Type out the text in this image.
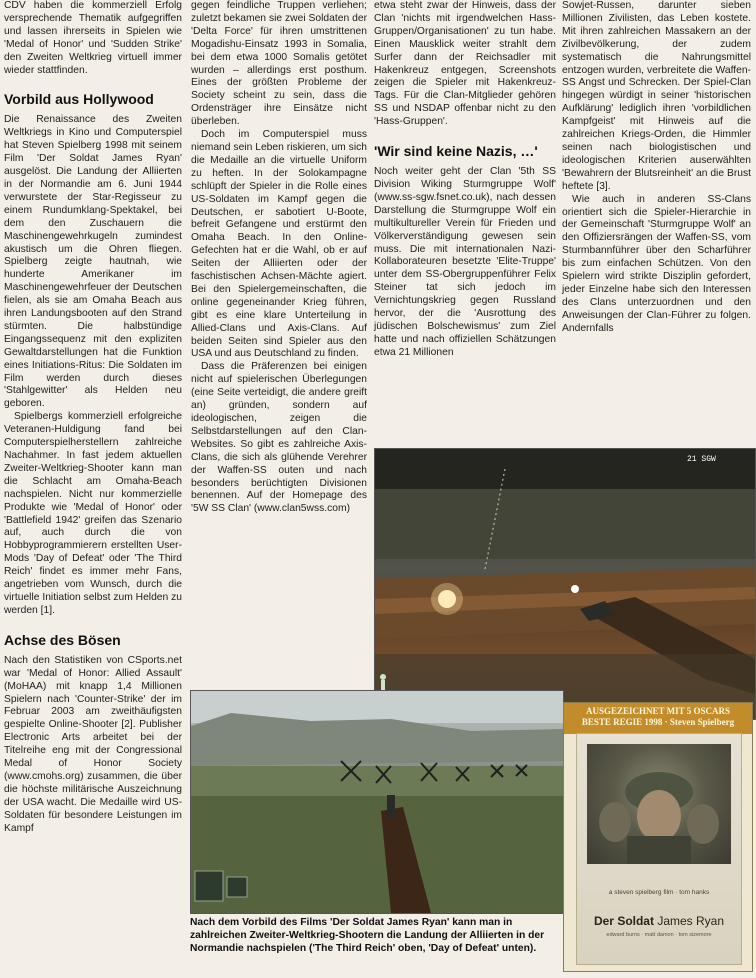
CDV haben die kommerziell Erfolg versprechende Thematik aufgegriffen und lassen ihrerseits in Spielen wie 'Medal of Honor' und 'Sudden Strike' den Zweiten Weltkrieg virtuell immer wieder stattfinden.

Vorbild aus Hollywood

Die Renaissance des Zweiten Weltkriegs in Kino und Computerspiel hat Steven Spielberg 1998 mit seinem Film 'Der Soldat James Ryan' ausgelöst. Die Landung der Alliierten in der Normandie am 6. Juni 1944 verwurstete der Star-Regisseur zu einem Rundumklang-Spektakel, bei dem den Zuschauern die Maschinengewehrkugeln zumindest akustisch um die Ohren fliegen. Spielberg zeigte hautnah, wie hunderte Amerikaner im Maschinengewehrfeuer der Deutschen fielen, als sie am Omaha Beach aus ihren Landungsbooten auf den Strand stürmten. Die halbstündige Eingangssequenz mit den expliziten Gewaltdarstellungen hat die Funktion eines Initiations-Ritus: Die Soldaten im Film werden durch dieses 'Stahlgewitter' als Helden neu geboren.

Spielbergs kommerziell erfolgreiche Veteranen-Huldigung fand bei Computerspielherstellern zahlreiche Nachahmer. In fast jedem aktuellen Zweiter-Weltkrieg-Shooter kann man die Schlacht am Omaha-Beach nachspielen. Nicht nur kommerzielle Produkte wie 'Medal of Honor' oder 'Battlefield 1942' greifen das Szenario auf, auch durch die von Hobbyprogrammierern erstellten User-Mods 'Day of Defeat' oder 'The Third Reich' findet es immer mehr Fans, angetrieben vom Wunsch, durch die virtuelle Initiation selbst zum Helden zu werden [1].

Achse des Bösen

Nach den Statistiken von CSports.net war 'Medal of Honor: Allied Assault' (MoHAA) mit knapp 1,4 Millionen Spielern nach 'Counter-Strike' der im Februar 2003 am zweithäufigsten gespielte Online-Shooter [2]. Publisher Electronic Arts arbeitet bei der Titelreihe eng mit der Congressional Medal of Honor Society (www.cmohs.org) zusammen, die über die höchste militärische Auszeichnung der USA wacht. Die Medaille wird US-Soldaten für besondere Leistungen im Kampf

gegen feindliche Truppen verliehen; zuletzt bekamen sie zwei Soldaten der 'Delta Force' für ihren umstrittenen Mogadishu-Einsatz 1993 in Somalia, bei dem etwa 1000 Somalis getötet wurden – allerdings erst posthum. Eines der größten Probleme der Society scheint zu sein, dass die Ordensträger ihre Einsätze nicht überleben.

Doch im Computerspiel muss niemand sein Leben riskieren, um sich die Medaille an die virtuelle Uniform zu heften. In der Solokampagne schlüpft der Spieler in die Rolle eines US-Soldaten im Kampf gegen die Deutschen, er sabotiert U-Boote, befreit Gefangene und erstürmt den Omaha Beach. In den Online-Gefechten hat er die Wahl, ob er auf Seiten der Alliierten oder der faschistischen Achsen-Mächte agiert. Bei den Spielergemeinschaften, die online gegeneinander Krieg führen, gibt es eine klare Unterteilung in Allied-Clans und Axis-Clans. Auf beiden Seiten sind Spieler aus den USA und aus Deutschland zu finden.

Dass die Präferenzen bei einigen nicht auf spielerischen Überlegungen (eine Seite verteidigt, die andere greift an) gründen, sondern auf ideologischen, zeigen die Selbstdarstellungen auf den Clan-Websites. So gibt es zahlreiche Axis-Clans, die sich als glühende Verehrer der Waffen-SS outen und nach besonders berüchtigten Divisionen benennen. Auf der Homepage des '5W SS Clan' (www.clan5wss.com)

etwa steht zwar der Hinweis, dass der Clan 'nichts mit irgendwelchen Hass-Gruppen/Organisationen' zu tun habe. Einen Mausklick weiter strahlt dem Surfer dann der Reichsadler mit Hakenkreuz entgegen, Screenshots zeigen die Spieler mit Hakenkreuz-Tags. Für die Clan-Mitglieder gehören SS und NSDAP offenbar nicht zu den 'Hass-Gruppen'.

'Wir sind keine Nazis, …'

Noch weiter geht der Clan '5th SS Division Wiking Sturmgruppe Wolf' (www.ss-sgw.fsnet.co.uk), nach dessen Darstellung die Sturmgruppe Wolf ein multikultureller Verein für Frieden und Völkerverständigung gewesen sein muss. Die mit internationalen Nazi-Kollaborateuren besetzte 'Elite-Truppe' unter dem SS-Obergruppenführer Felix Steiner tat sich jedoch im Vernichtungskrieg gegen Russland hervor, der die 'Ausrottung des jüdischen Bolschewismus' zum Ziel hatte und nach offiziellen Schätzungen etwa 21 Millionen

Sowjet-Russen, darunter sieben Millionen Zivilisten, das Leben kostete. Mit ihren zahlreichen Massakern an der Zivilbevölkerung, der zudem systematisch die Nahrungsmittel entzogen wurden, verbreitete die Waffen-SS Angst und Schrecken. Der Spiel-Clan hingegen würdigt in seiner 'historischen Aufklärung' lediglich ihren 'vorbildlichen Kampfgeist' mit Hinweis auf die zahlreichen Kriegs-Orden, die Himmler seinen nach biologistischen und ideologischen Kriterien auserwählten 'Bewahrern der Blutsreinheit' an die Brust heftete [3].

Wie auch in anderen SS-Clans orientiert sich die Spieler-Hierarchie in der Gemeinschaft 'Sturmgruppe Wolf' an den Offiziersrängen der Waffen-SS, vom Sturmbannführer über den Scharführer bis zum einfachen Schützen. Von den Spielern wird strikte Disziplin gefordert, jeder Einzelne habe sich den Interessen des Clans unterzuordnen und den Anweisungen der Clan-Führer zu folgen. Andernfalls

21 SGW
AUSGEZEICHNET MIT 5 OSCARS
BESTE REGIE 1998 · Steven Spielberg
a steven spielberg film · tom hanks
Der Soldat James Ryan
edward burns · matt damon · tom sizemore
Nach dem Vorbild des Films 'Der Soldat James Ryan' kann man in zahlreichen Zweiter-Weltkrieg-Shootern die Landung der Alliierten in der Normandie nachspielen ('The Third Reich' oben, 'Day of Defeat' unten).
